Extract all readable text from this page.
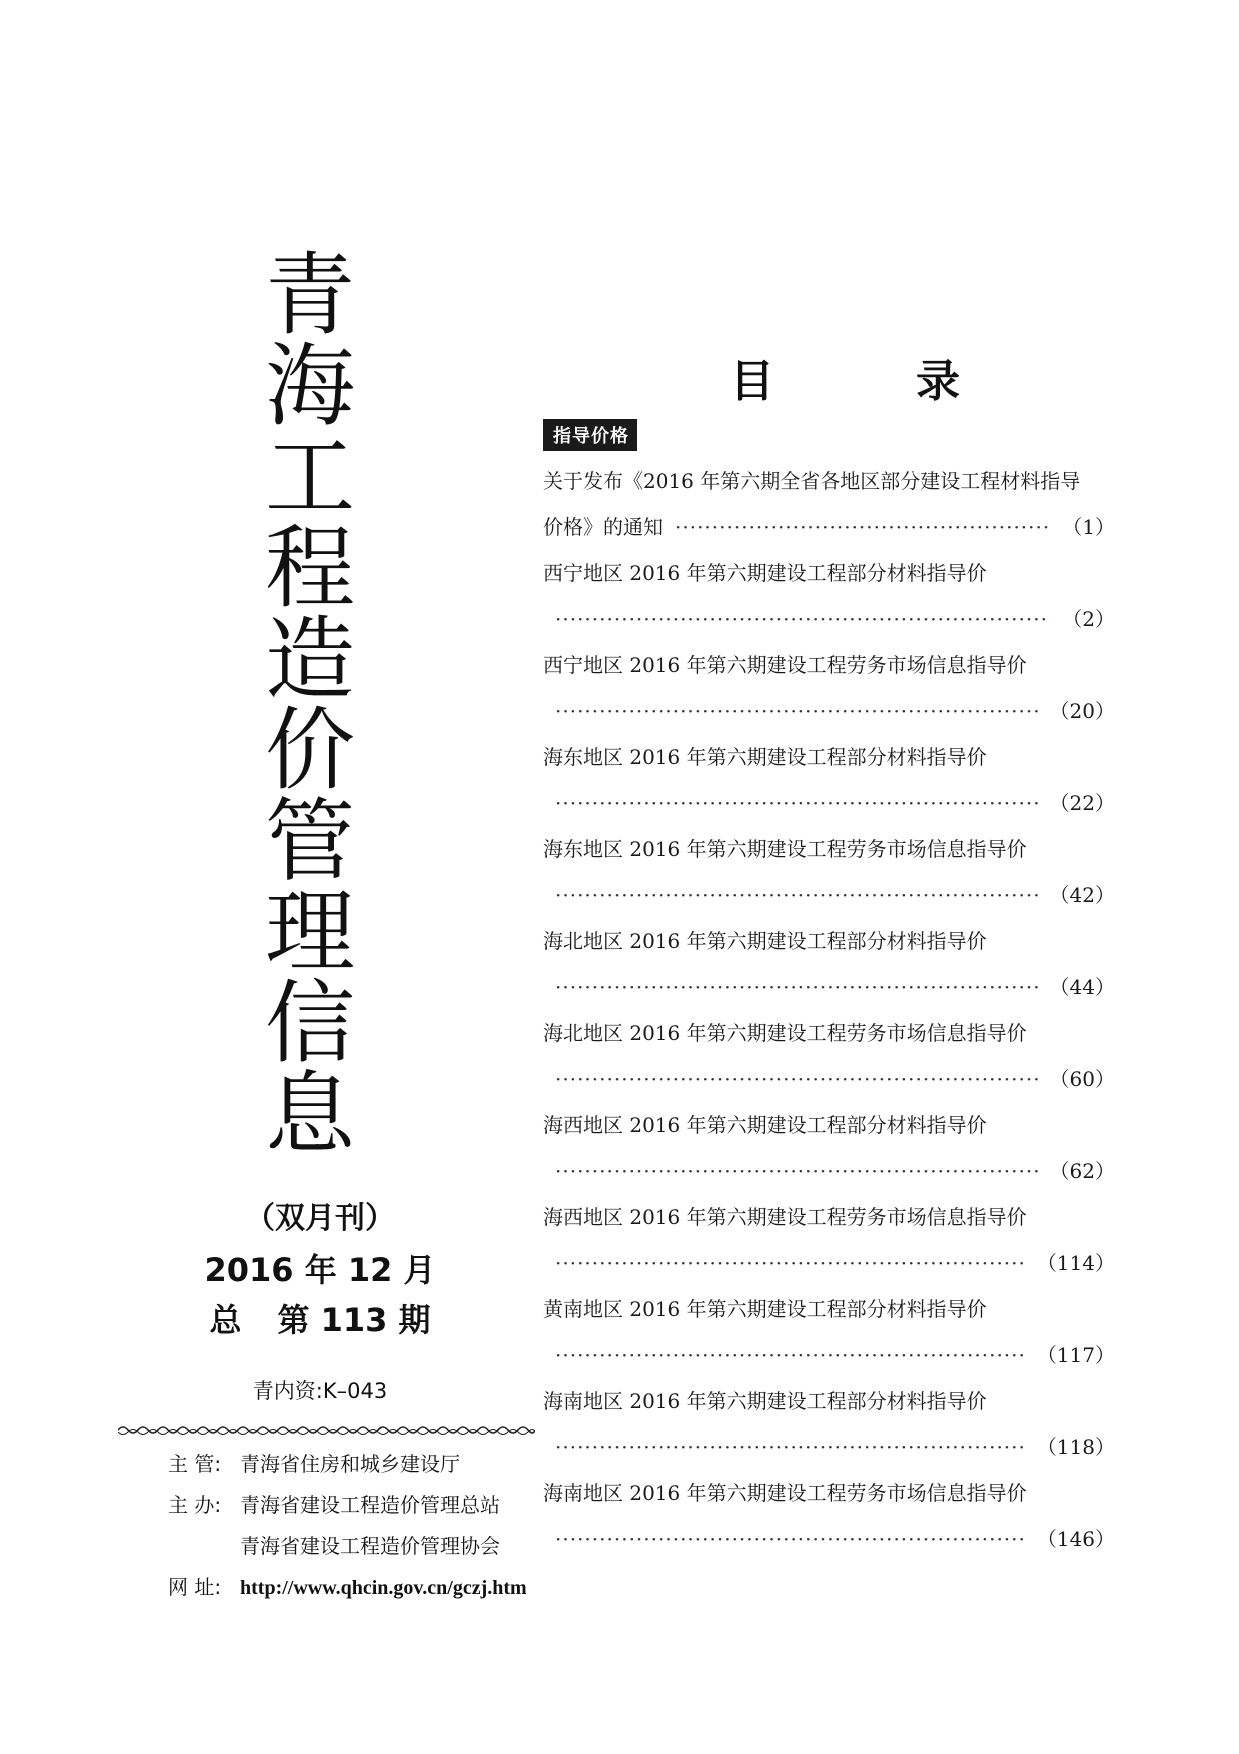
青
海
工
程
造
价
管
理
信
息
（双月刊）
2016 年 12 月
总 第 113 期
青内资:K–043
主 管: 青海省住房和城乡建设厅
主 办: 青海省建设工程造价管理总站
青海省建设工程造价管理协会
网 址: http://www.qhcin.gov.cn/gczj.htm
目	录
指导价格
关于发布《2016 年第六期全省各地区部分建设工程材料指导
价格》的通知
·····	（1）
西宁地区 2016 年第六期建设工程部分材料指导价
·····
（2）
西宁地区 2016 年第六期建设工程劳务市场信息指导价
·····
（20）
海东地区 2016 年第六期建设工程部分材料指导价
·····
（22）
海东地区 2016 年第六期建设工程劳务市场信息指导价
·····
（42）
海北地区 2016 年第六期建设工程部分材料指导价
·····
（44）
海北地区 2016 年第六期建设工程劳务市场信息指导价
·····
（60）
海西地区 2016 年第六期建设工程部分材料指导价
·····
（62）
海西地区 2016 年第六期建设工程劳务市场信息指导价
·····
（114）
黄南地区 2016 年第六期建设工程部分材料指导价
·····
（117）
海南地区 2016 年第六期建设工程部分材料指导价
·····
（118）
海南地区 2016 年第六期建设工程劳务市场信息指导价
·····
（146）
